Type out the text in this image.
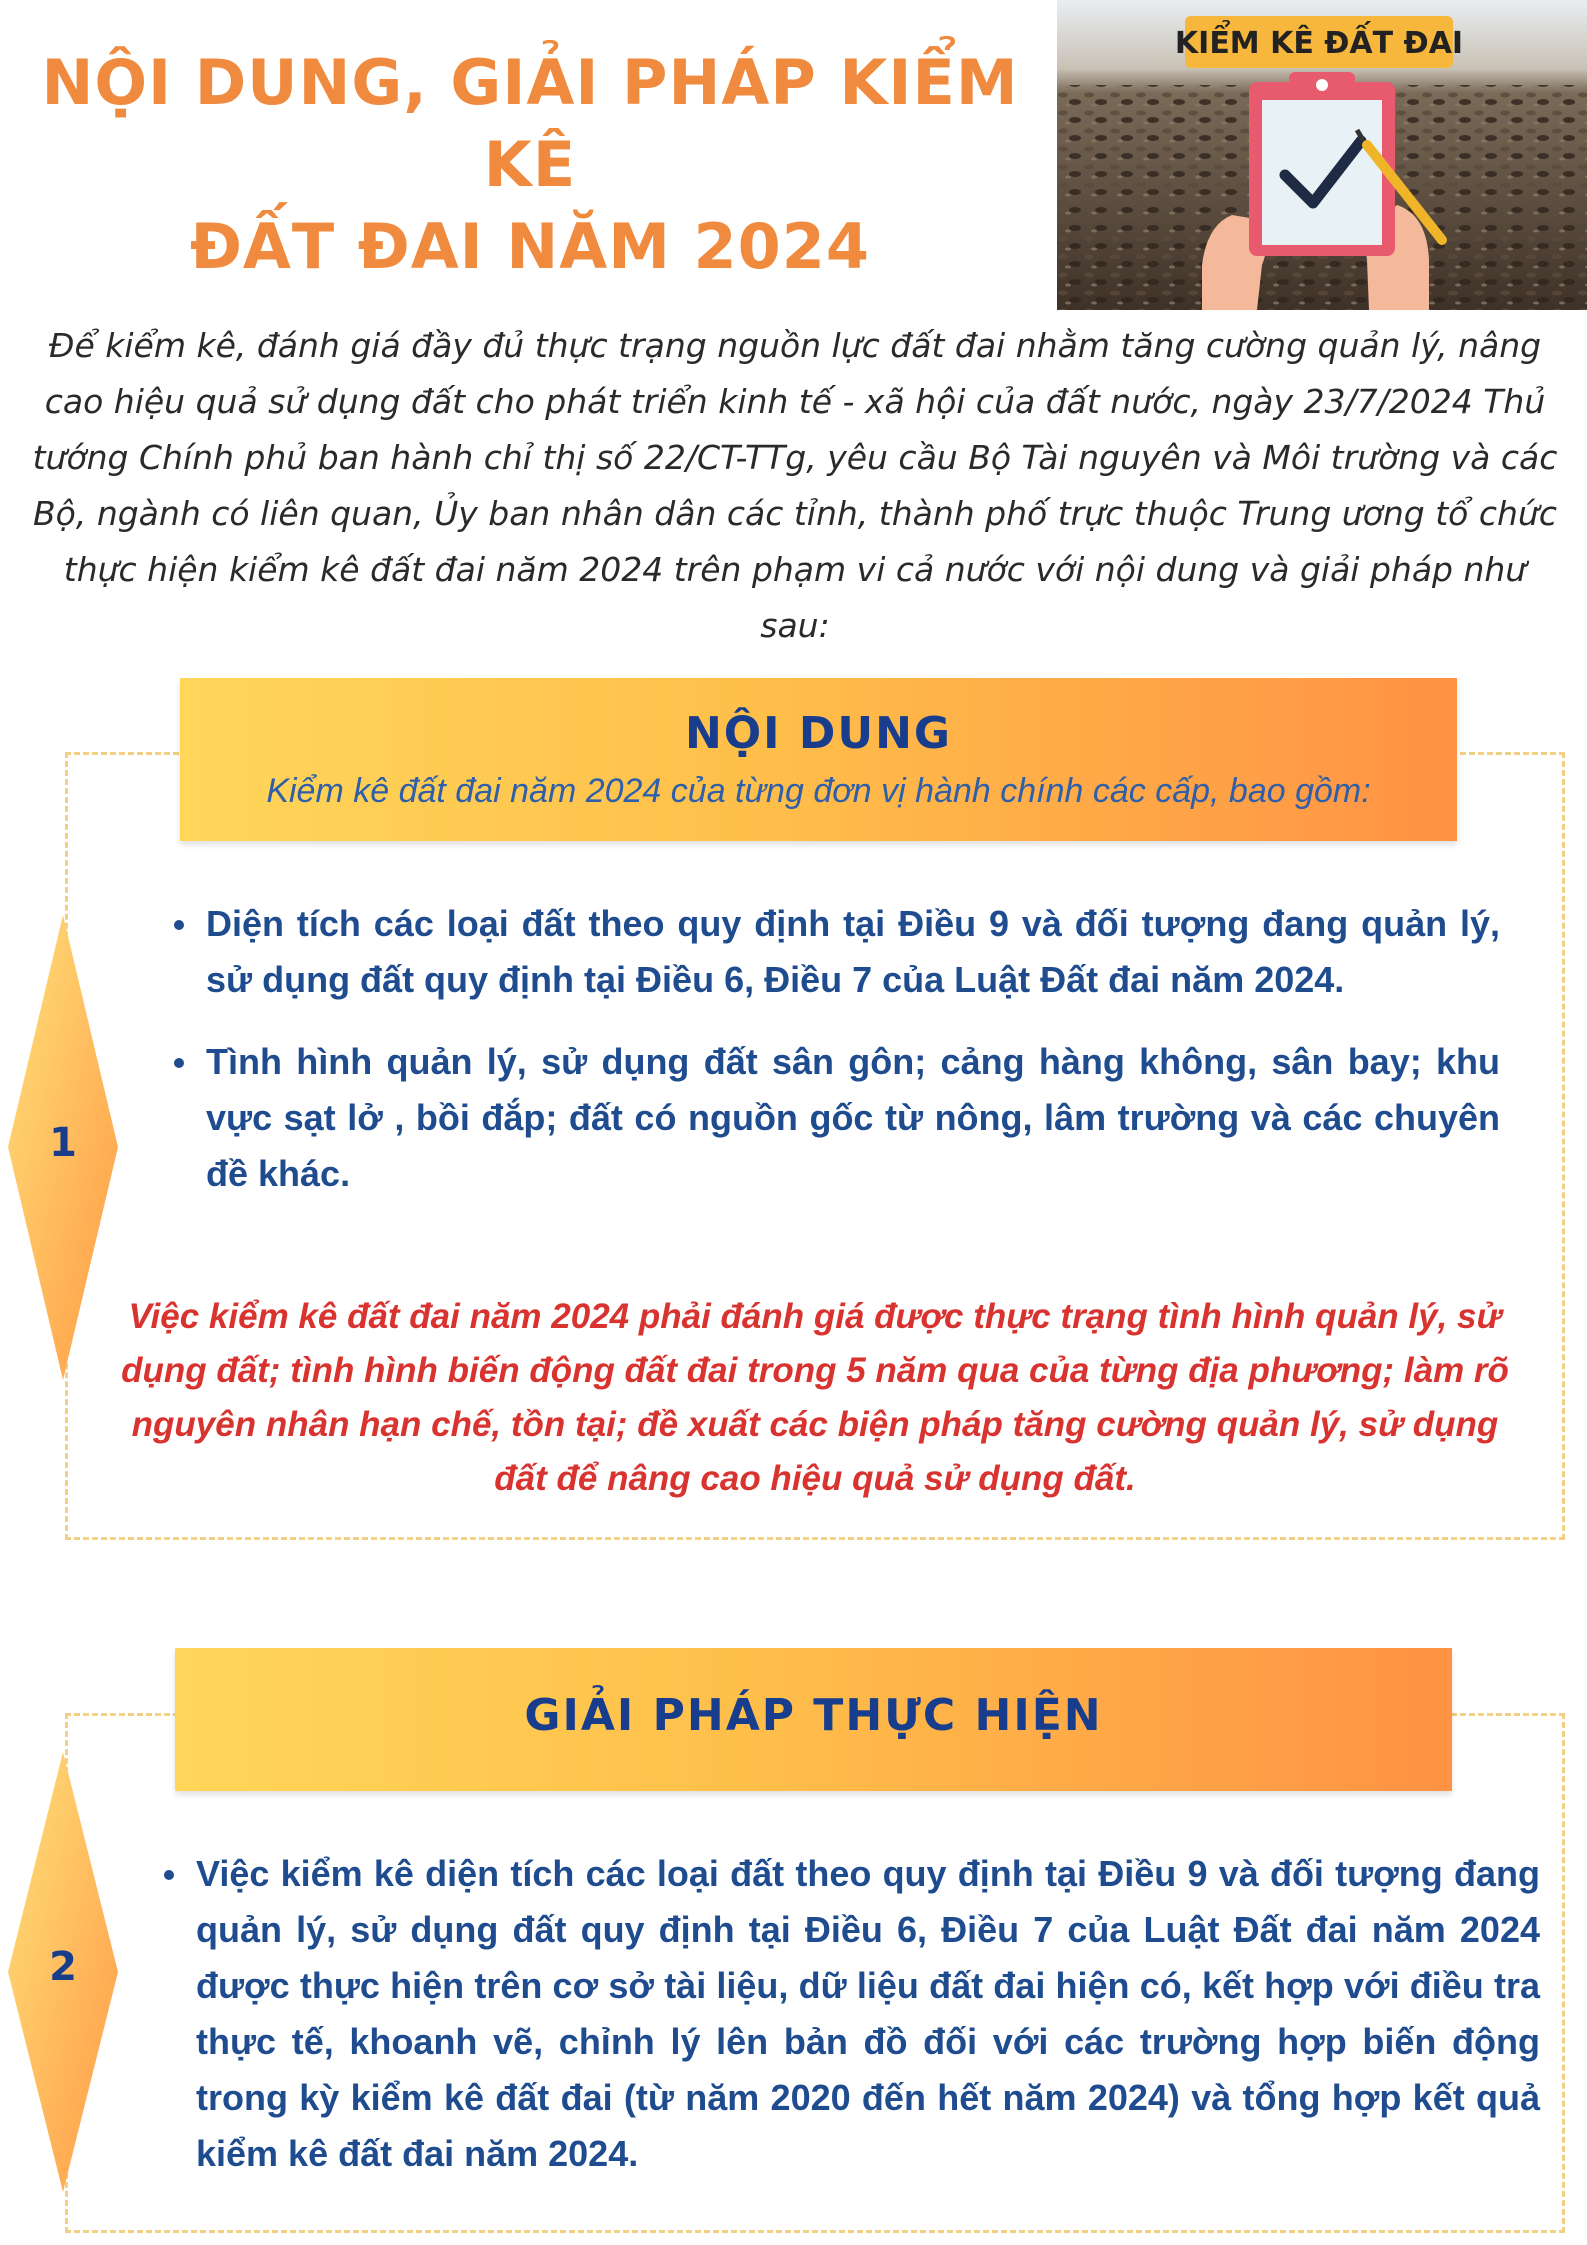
NỘI DUNG, GIẢI PHÁP KIỂM KÊ
ĐẤT ĐAI NĂM 2024
KIỂM KÊ ĐẤT ĐAI

Để kiểm kê, đánh giá đầy đủ thực trạng nguồn lực đất đai nhằm tăng cường quản lý, nâng cao hiệu quả sử dụng đất cho phát triển kinh tế - xã hội của đất nước, ngày 23/7/2024 Thủ tướng Chính phủ ban hành chỉ thị số 22/CT-TTg, yêu cầu Bộ Tài nguyên và Môi trường và các Bộ, ngành có liên quan, Ủy ban nhân dân các tỉnh, thành phố trực thuộc Trung ương tổ chức thực hiện kiểm kê đất đai năm 2024 trên phạm vi cả nước với nội dung và giải pháp như sau:

1
NỘI DUNG

Kiểm kê đất đai năm 2024 của từng đơn vị hành chính các cấp, bao gồm:

Diện tích các loại đất theo quy định tại Điều 9 và đối tượng đang quản lý, sử dụng đất quy định tại Điều 6, Điều 7 của Luật Đất đai năm 2024.
Tình hình quản lý, sử dụng đất sân gôn; cảng hàng không, sân bay; khu vực sạt lở , bồi đắp; đất có nguồn gốc từ nông, lâm trường và các chuyên đề khác.

Việc kiểm kê đất đai năm 2024 phải đánh giá được thực trạng tình hình quản lý, sử dụng đất; tình hình biến động đất đai trong 5 năm qua của từng địa phương; làm rõ nguyên nhân hạn chế, tồn tại; đề xuất các biện pháp tăng cường quản lý, sử dụng đất để nâng cao hiệu quả sử dụng đất.

2
GIẢI PHÁP THỰC HIỆN
Việc kiểm kê diện tích các loại đất theo quy định tại Điều 9 và đối tượng đang quản lý, sử dụng đất quy định tại Điều 6, Điều 7 của Luật Đất đai năm 2024 được thực hiện trên cơ sở tài liệu, dữ liệu đất đai hiện có, kết hợp với điều tra thực tế, khoanh vẽ, chỉnh lý lên bản đồ đối với các trường hợp biến động trong kỳ kiểm kê đất đai (từ năm 2020 đến hết năm 2024) và tổng hợp kết quả kiểm kê đất đai năm 2024.
